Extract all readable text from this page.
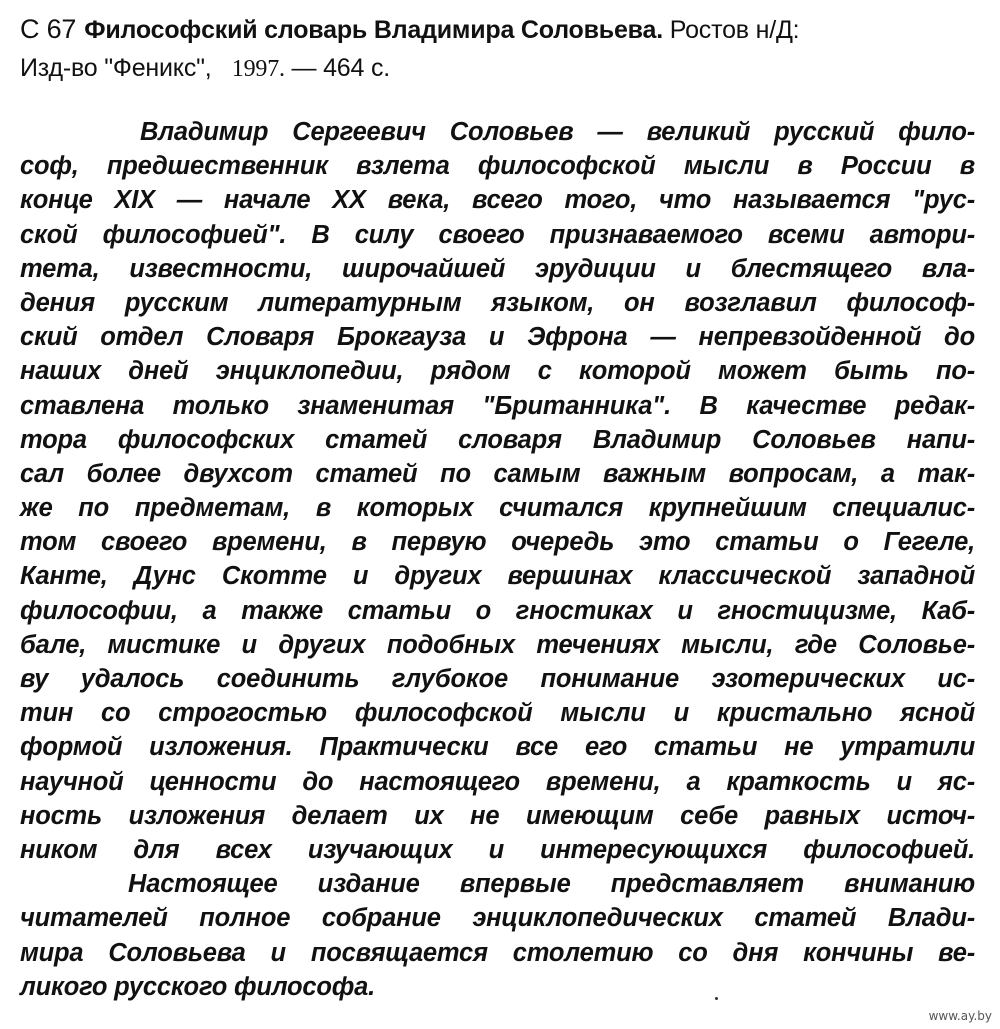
С 67 Философский словарь Владимира Соловьева. Ростов н/Д:
Изд-во "Феникс", 1997. — 464 с.
Владимир Сергеевич Соловьев — великий русский фило-
соф, предшественник взлета философской мысли в России в
конце XIX — начале XX века, всего того, что называется "рус-
ской философией". В силу своего признаваемого всеми автори-
тета, известности, широчайшей эрудиции и блестящего вла-
дения русским литературным языком, он возглавил философ-
ский отдел Словаря Брокгауза и Эфрона — непревзойденной до
наших дней энциклопедии, рядом с которой может быть по-
ставлена только знаменитая "Британника". В качестве редак-
тора философских статей словаря Владимир Соловьев напи-
сал более двухсот статей по самым важным вопросам, а так-
же по предметам, в которых считался крупнейшим специалис-
том своего времени, в первую очередь это статьи о Гегеле,
Канте, Дунс Скотте и других вершинах классической западной
философии, а также статьи о гностиках и гностицизме, Каб-
бале, мистике и других подобных течениях мысли, где Соловье-
ву удалось соединить глубокое понимание эзотерических ис-
тин со строгостью философской мысли и кристально ясной
формой изложения. Практически все его статьи не утратили
научной ценности до настоящего времени, а краткость и яс-
ность изложения делает их не имеющим себе равных источ-
ником для всех изучающих и интересующихся философией.
Настоящее издание впервые представляет вниманию
читателей полное собрание энциклопедических статей Влади-
мира Соловьева и посвящается столетию со дня кончины ве-
ликого русского философа.
www.ay.by
